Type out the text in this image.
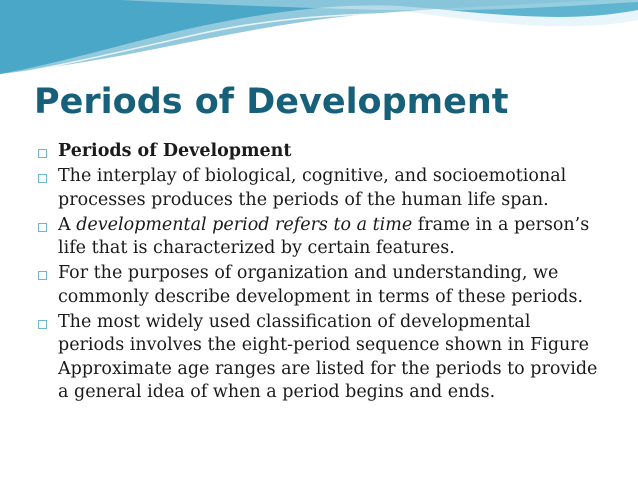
Periods of Development
Periods of Development
The interplay of biological, cognitive, and socioemotional processes produces the periods of the human life span.
A developmental period refers to a time frame in a person’s life that is characterized by certain features.
For the purposes of organization and understanding, we commonly describe development in terms of these periods.
The most widely used classification of developmental periods involves the eight-period sequence shown in Figure Approximate age ranges are listed for the periods to provide a general idea of when a period begins and ends.
